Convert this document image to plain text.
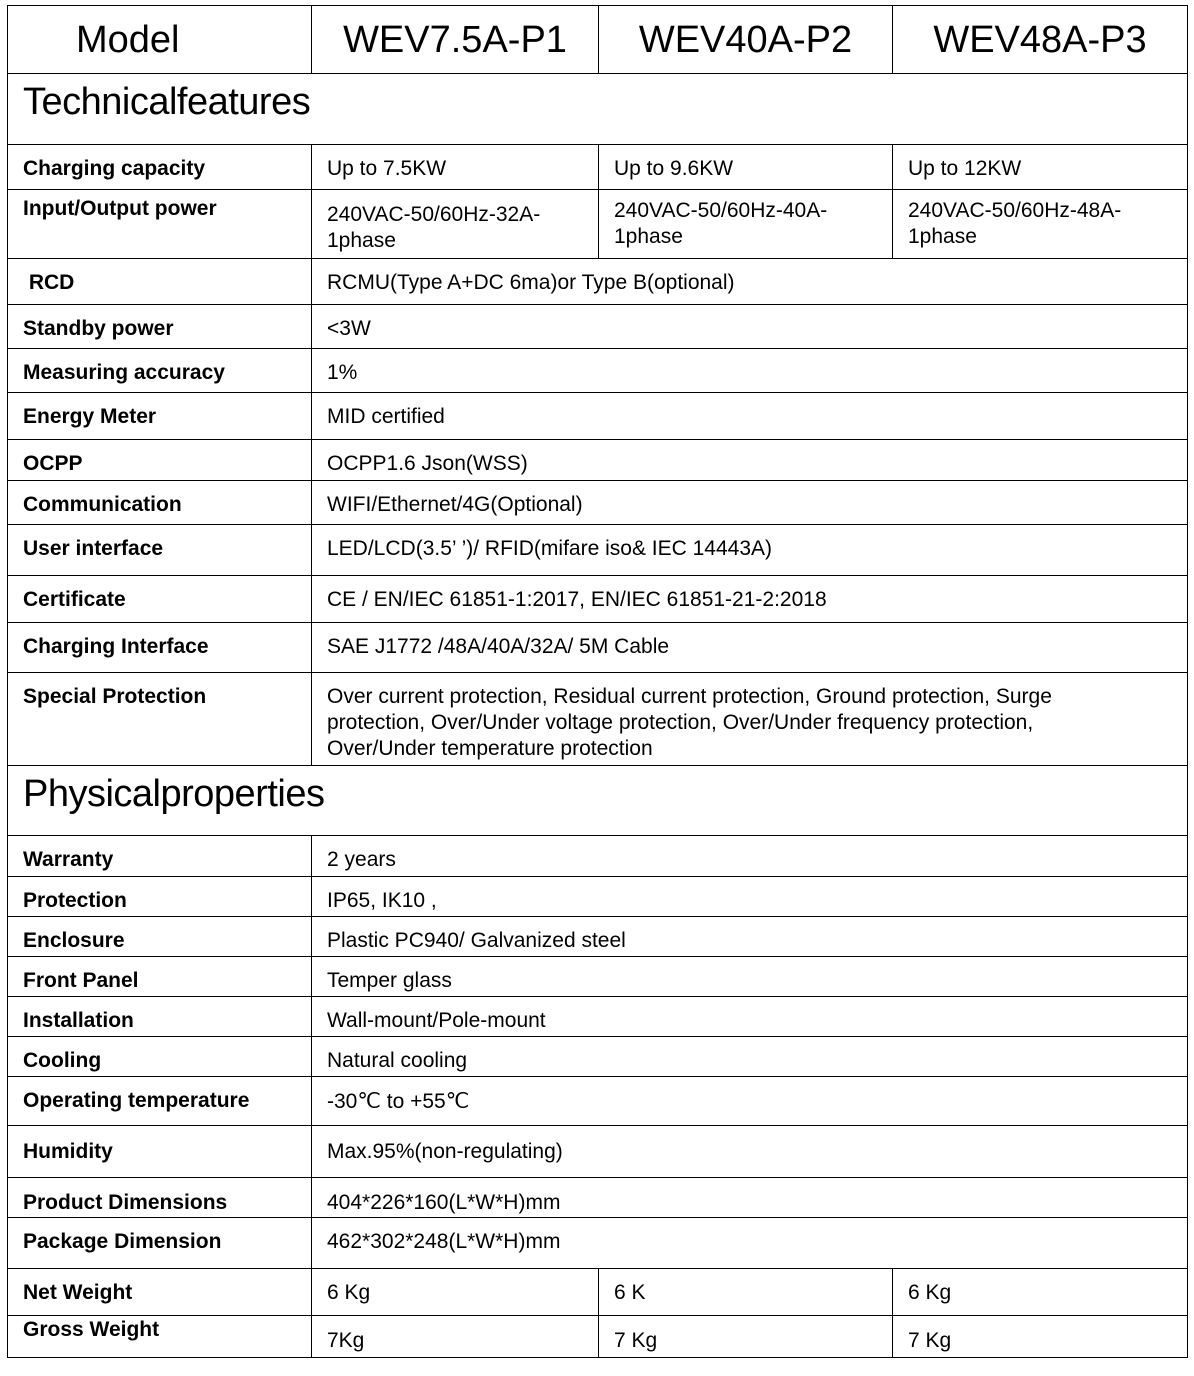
Model	WEV7.5A-P1	WEV40A-P2	WEV48A-P3
Technicalfeatures			
Charging capacity	Up to 7.5KW	Up to 9.6KW	Up to 12KW
Input/Output power	240VAC-50/60Hz-32A-1phase	240VAC-50/60Hz-40A-1phase	240VAC-50/60Hz-48A-1phase
RCD	RCMU(Type A+DC 6ma)or Type B(optional)		
Standby power	<3W		
Measuring accuracy	1%		
Energy Meter	MID certified		
OCPP	OCPP1.6 Json(WSS)		
Communication	WIFI/Ethernet/4G(Optional)		
User interface	LED/LCD(3.5’ ’)/ RFID(mifare iso& IEC 14443A)		
Certificate	CE / EN/IEC 61851-1:2017, EN/IEC 61851-21-2:2018		
Charging Interface	SAE J1772 /48A/40A/32A/ 5M Cable		
Special Protection	Over current protection, Residual current protection, Ground protection, Surge protection, Over/Under voltage protection, Over/Under frequency protection, Over/Under temperature protection		
Physicalproperties			
Warranty	2 years		
Protection	IP65, IK10 ,		
Enclosure	Plastic PC940/ Galvanized steel		
Front Panel	Temper glass		
Installation	Wall-mount/Pole-mount		
Cooling	Natural cooling		
Operating temperature	-30℃ to +55℃		
Humidity	Max.95%(non-regulating)		
Product Dimensions	404*226*160(L*W*H)mm		
Package Dimension	462*302*248(L*W*H)mm		
Net Weight	6 Kg	6 K	6 Kg
Gross Weight	7Kg	7 Kg	7 Kg
